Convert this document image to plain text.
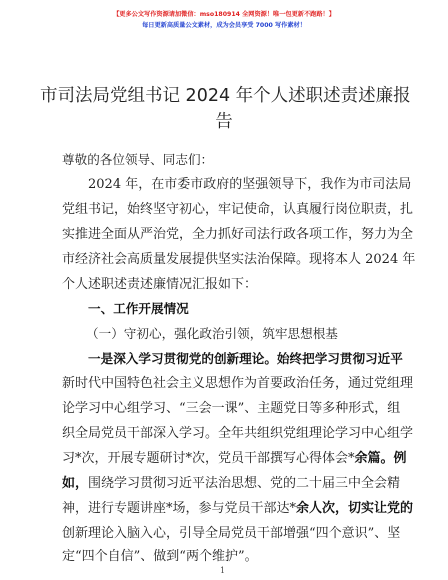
【更多公文写作资源请加微信：mso180914 全网资源！唯一包更新不跑路！】
每日更新高质量公文素材，成为会员享受 7000 写作素材！
市司法局党组书记 2024 年个人述职述责述廉报
告
尊敬的各位领导、同志们：
2024 年，在市委市政府的坚强领导下，我作为市司法局
党组书记，始终坚守初心，牢记使命，认真履行岗位职责，扎
实推进全面从严治党，全力抓好司法行政各项工作，努力为全
市经济社会高质量发展提供坚实法治保障。现将本人 2024 年
个人述职述责述廉情况汇报如下：
一、工作开展情况
（一）守初心，强化政治引领，筑牢思想根基
一是深入学习贯彻党的创新理论。始终把学习贯彻习近平
新时代中国特色社会主义思想作为首要政治任务，通过党组理
论学习中心组学习、“三会一课”、主题党日等多种形式，组
织全局党员干部深入学习。全年共组织党组理论学习中心组学
习*次，开展专题研讨*次，党员干部撰写心得体会*余篇。例
如，围绕学习贯彻习近平法治思想、党的二十届三中全会精
神，进行专题讲座*场，参与党员干部达*余人次，切实让党的
创新理论入脑入心，引导全局党员干部增强“四个意识”、坚
定“四个自信”、做到“两个维护”。
1
